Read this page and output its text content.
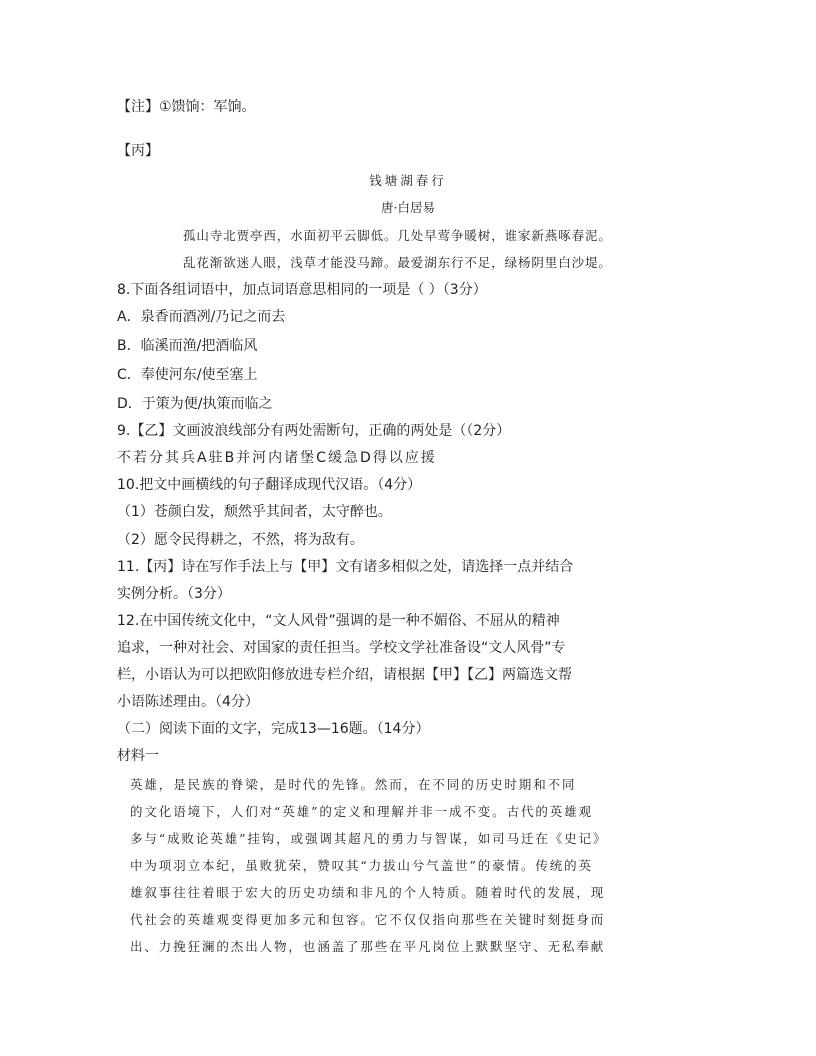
【注】①馈饷：军饷。
【丙】
钱塘湖春行
唐·白居易
孤山寺北贾亭西，水面初平云脚低。几处早莺争暖树，谁家新燕啄春泥。
乱花渐欲迷人眼，浅草才能没马蹄。最爱湖东行不足，绿杨阴里白沙堤。
8.下面各组词语中，加点词语意思相同的一项是（ ）（3分）
A．泉香而酒冽/乃记之而去
B．临溪而渔/把酒临风
C．奉使河东/使至塞上
D．于策为便/执策而临之
9.【乙】文画波浪线部分有两处需断句，正确的两处是（（2分）
不若分其兵A驻B并河内诸堡C缓急D得以应援
10.把文中画横线的句子翻译成现代汉语。（4分）
（1）苍颜白发，颓然乎其间者，太守醉也。
（2）愿令民得耕之，不然，将为敌有。
11.【丙】诗在写作手法上与【甲】文有诸多相似之处，请选择一点并结合
实例分析。（3分）
12.在中国传统文化中，“文人风骨”强调的是一种不媚俗、不屈从的精神
追求，一种对社会、对国家的责任担当。学校文学社准备设“文人风骨”专
栏，小语认为可以把欧阳修放进专栏介绍，请根据【甲】【乙】两篇选文帮
小语陈述理由。（4分）
（二）阅读下面的文字，完成13—16题。（14分）
材料一
英雄，是民族的脊梁，是时代的先锋。然而，在不同的历史时期和不同
的文化语境下，人们对“英雄”的定义和理解并非一成不变。古代的英雄观
多与“成败论英雄”挂钩，或强调其超凡的勇力与智谋，如司马迁在《史记》
中为项羽立本纪，虽败犹荣，赞叹其“力拔山兮气盖世”的豪情。传统的英
雄叙事往往着眼于宏大的历史功绩和非凡的个人特质。随着时代的发展，现
代社会的英雄观变得更加多元和包容。它不仅仅指向那些在关键时刻挺身而
出、力挽狂澜的杰出人物，也涵盖了那些在平凡岗位上默默坚守、无私奉献
